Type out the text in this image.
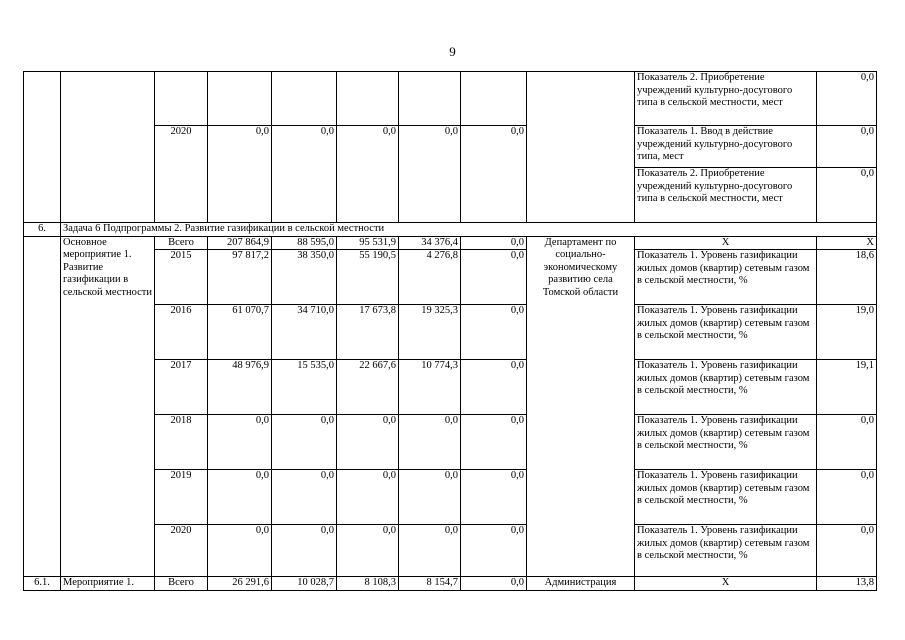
9
									Показатель 2. Приобретение учреждений культурно-досугового типа в сельской местности, мест	0,0
		2020	0,0	0,0	0,0	0,0	0,0		Показатель 1. Ввод в действие учреждений культурно-досугового типа, мест	0,0
									Показатель 2. Приобретение учреждений культурно-досугового типа в сельской местности, мест	0,0
6.	Задача 6 Подпрограммы 2. Развитие газификации в сельской местности									
	Основное мероприятие 1. Развитие газификации в сельской местности	Всего	207 864,9	88 595,0	95 531,9	34 376,4	0,0	Департамент по социально-экономическому развитию села Томской области	Х	Х
		2015	97 817,2	38 350,0	55 190,5	4 276,8	0,0		Показатель 1. Уровень газификации жилых домов (квартир) сетевым газом в сельской местности, %	18,6
		2016	61 070,7	34 710,0	17 673,8	19 325,3	0,0		Показатель 1. Уровень газификации жилых домов (квартир) сетевым газом в сельской местности, %	19,0
		2017	48 976,9	15 535,0	22 667,6	10 774,3	0,0		Показатель 1. Уровень газификации жилых домов (квартир) сетевым газом в сельской местности, %	19,1
		2018	0,0	0,0	0,0	0,0	0,0		Показатель 1. Уровень газификации жилых домов (квартир) сетевым газом в сельской местности, %	0,0
		2019	0,0	0,0	0,0	0,0	0,0		Показатель 1. Уровень газификации жилых домов (квартир) сетевым газом в сельской местности, %	0,0
		2020	0,0	0,0	0,0	0,0	0,0		Показатель 1. Уровень газификации жилых домов (квартир) сетевым газом в сельской местности, %	0,0
6.1.	Мероприятие 1.	Всего	26 291,6	10 028,7	8 108,3	8 154,7	0,0	Администрация	Х	13,8
